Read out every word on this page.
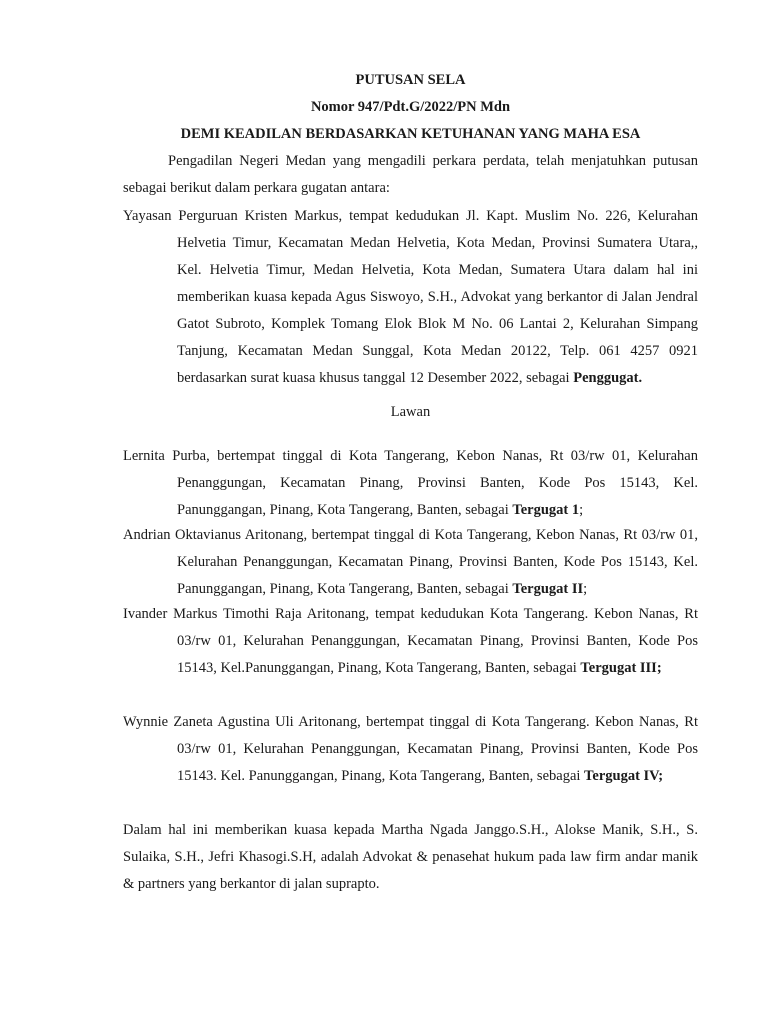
PUTUSAN SELA
Nomor 947/Pdt.G/2022/PN Mdn
DEMI KEADILAN BERDASARKAN KETUHANAN YANG MAHA ESA
Pengadilan Negeri Medan yang mengadili perkara perdata, telah menjatuhkan putusan sebagai berikut dalam perkara gugatan antara:
Yayasan Perguruan Kristen Markus, tempat kedudukan Jl. Kapt. Muslim No. 226, Kelurahan Helvetia Timur, Kecamatan Medan Helvetia, Kota Medan, Provinsi Sumatera Utara,, Kel. Helvetia Timur, Medan Helvetia, Kota Medan, Sumatera Utara dalam hal ini memberikan kuasa kepada Agus Siswoyo, S.H., Advokat yang berkantor di Jalan Jendral Gatot Subroto, Komplek Tomang Elok Blok M No. 06 Lantai 2, Kelurahan Simpang Tanjung, Kecamatan Medan Sunggal, Kota Medan 20122, Telp. 061 4257 0921 berdasarkan surat kuasa khusus tanggal 12 Desember 2022, sebagai Penggugat.
Lawan
Lernita Purba, bertempat tinggal di Kota Tangerang, Kebon Nanas, Rt 03/rw 01, Kelurahan Penanggungan, Kecamatan Pinang, Provinsi Banten, Kode Pos 15143, Kel. Panunggangan, Pinang, Kota Tangerang, Banten, sebagai Tergugat 1;
Andrian Oktavianus Aritonang, bertempat tinggal di Kota Tangerang, Kebon Nanas, Rt 03/rw 01, Kelurahan Penanggungan, Kecamatan Pinang, Provinsi Banten, Kode Pos 15143, Kel. Panunggangan, Pinang, Kota Tangerang, Banten, sebagai Tergugat II;
Ivander Markus Timothi Raja Aritonang, tempat kedudukan Kota Tangerang. Kebon Nanas, Rt 03/rw 01, Kelurahan Penanggungan, Kecamatan Pinang, Provinsi Banten, Kode Pos 15143, Kel.Panunggangan, Pinang, Kota Tangerang, Banten, sebagai Tergugat III;
Wynnie Zaneta Agustina Uli Aritonang, bertempat tinggal di Kota Tangerang. Kebon Nanas, Rt 03/rw 01, Kelurahan Penanggungan, Kecamatan Pinang, Provinsi Banten, Kode Pos 15143. Kel. Panunggangan, Pinang, Kota Tangerang, Banten, sebagai Tergugat IV;
Dalam hal ini memberikan kuasa kepada Martha Ngada Janggo.S.H., Alokse Manik, S.H., S. Sulaika, S.H., Jefri Khasogi.S.H, adalah Advokat & penasehat hukum pada law firm andar manik & partners yang berkantor di jalan suprapto.
